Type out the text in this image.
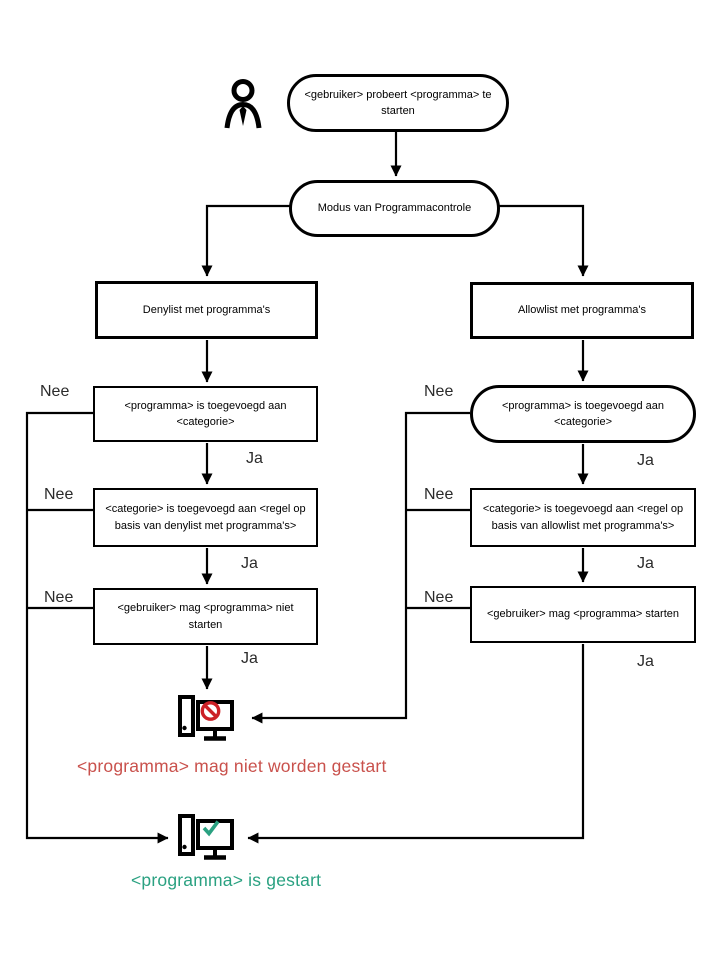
<gebruiker> probeert <programma> te starten
Modus van Programmacontrole
Denylist met programma's	Allowlist met programma's
<programma> is toegevoegd aan <categorie>
<programma> is toegevoegd aan <categorie>
<categorie> is toegevoegd aan <regel op basis van denylist met programma's>
<categorie> is toegevoegd aan <regel op basis van allowlist met programma's>
<gebruiker> mag <programma> niet starten
<gebruiker> mag <programma> starten
Nee
Nee
Nee
Nee
Nee
Nee
Ja
Ja
Ja
Ja
Ja
Ja
<programma> mag niet worden gestart
<programma> is gestart
